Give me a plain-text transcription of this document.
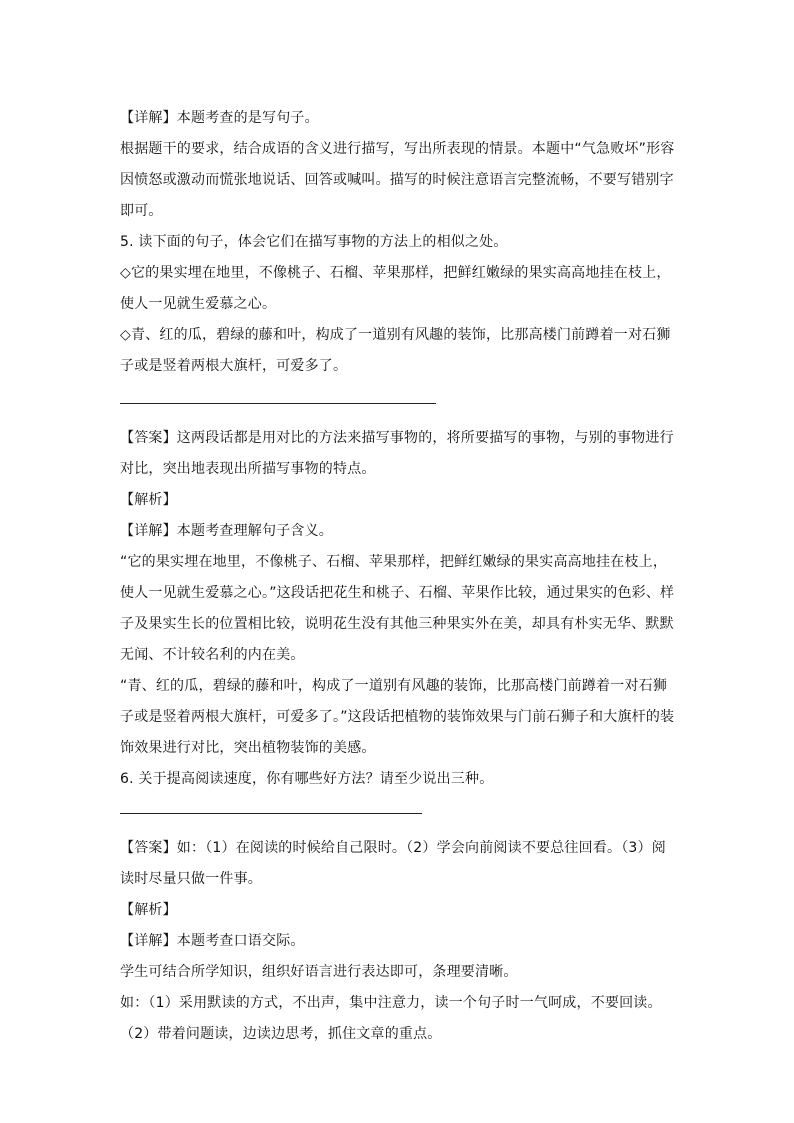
【详解】本题考查的是写句子。

根据题干的要求，结合成语的含义进行描写，写出所表现的情景。本题中“气急败坏”形容因愤怒或激动而慌张地说话、回答或喊叫。描写的时候注意语言完整流畅，不要写错别字即可。

5. 读下面的句子，体会它们在描写事物的方法上的相似之处。

◇它的果实埋在地里，不像桃子、石榴、苹果那样，把鲜红嫩绿的果实高高地挂在枝上，使人一见就生爱慕之心。

◇青、红的瓜，碧绿的藤和叶，构成了一道别有风趣的装饰，比那高楼门前蹲着一对石狮子或是竖着两根大旗杆，可爱多了。

【答案】这两段话都是用对比的方法来描写事物的，将所要描写的事物，与别的事物进行对比，突出地表现出所描写事物的特点。

【解析】

【详解】本题考查理解句子含义。

“它的果实埋在地里，不像桃子、石榴、苹果那样，把鲜红嫩绿的果实高高地挂在枝上，使人一见就生爱慕之心。”这段话把花生和桃子、石榴、苹果作比较，通过果实的色彩、样子及果实生长的位置相比较，说明花生没有其他三种果实外在美，却具有朴实无华、默默无闻、不计较名利的内在美。

“青、红的瓜，碧绿的藤和叶，构成了一道别有风趣的装饰，比那高楼门前蹲着一对石狮子或是竖着两根大旗杆，可爱多了。”这段话把植物的装饰效果与门前石狮子和大旗杆的装饰效果进行对比，突出植物装饰的美感。

6. 关于提高阅读速度，你有哪些好方法？请至少说出三种。

【答案】如：（1）在阅读的时候给自己限时。（2）学会向前阅读不要总往回看。（3）阅读时尽量只做一件事。

【解析】

【详解】本题考查口语交际。

学生可结合所学知识，组织好语言进行表达即可，条理要清晰。

如：（1）采用默读的方式，不出声，集中注意力，读一个句子时一气呵成，不要回读。

（2）带着问题读，边读边思考，抓住文章的重点。
